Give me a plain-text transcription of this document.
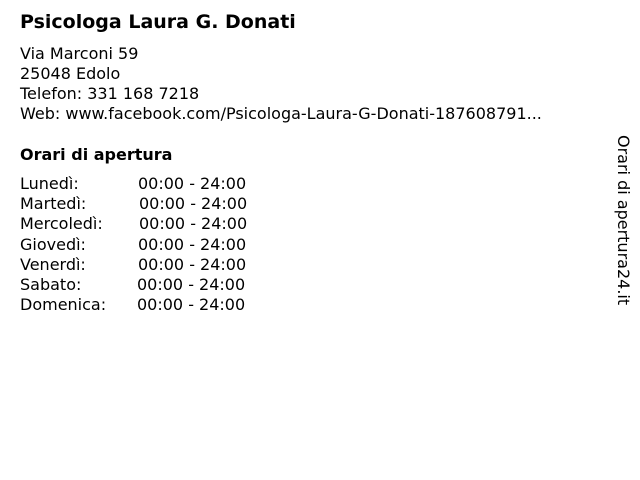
Psicologa Laura G. Donati
Via Marconi 59
25048 Edolo
Telefon: 331 168 7218
Web: www.facebook.com/Psicologa-Laura-G-Donati-187608791...
Orari di apertura
Lunedì:	00:00 - 24:00
Martedì:	00:00 - 24:00
Mercoledì: 00:00 - 24:00
Giovedì:	00:00 - 24:00
Venerdì:	00:00 - 24:00
Sabato:	00:00 - 24:00
Domenica: 00:00 - 24:00	Orari di apertura24.it
